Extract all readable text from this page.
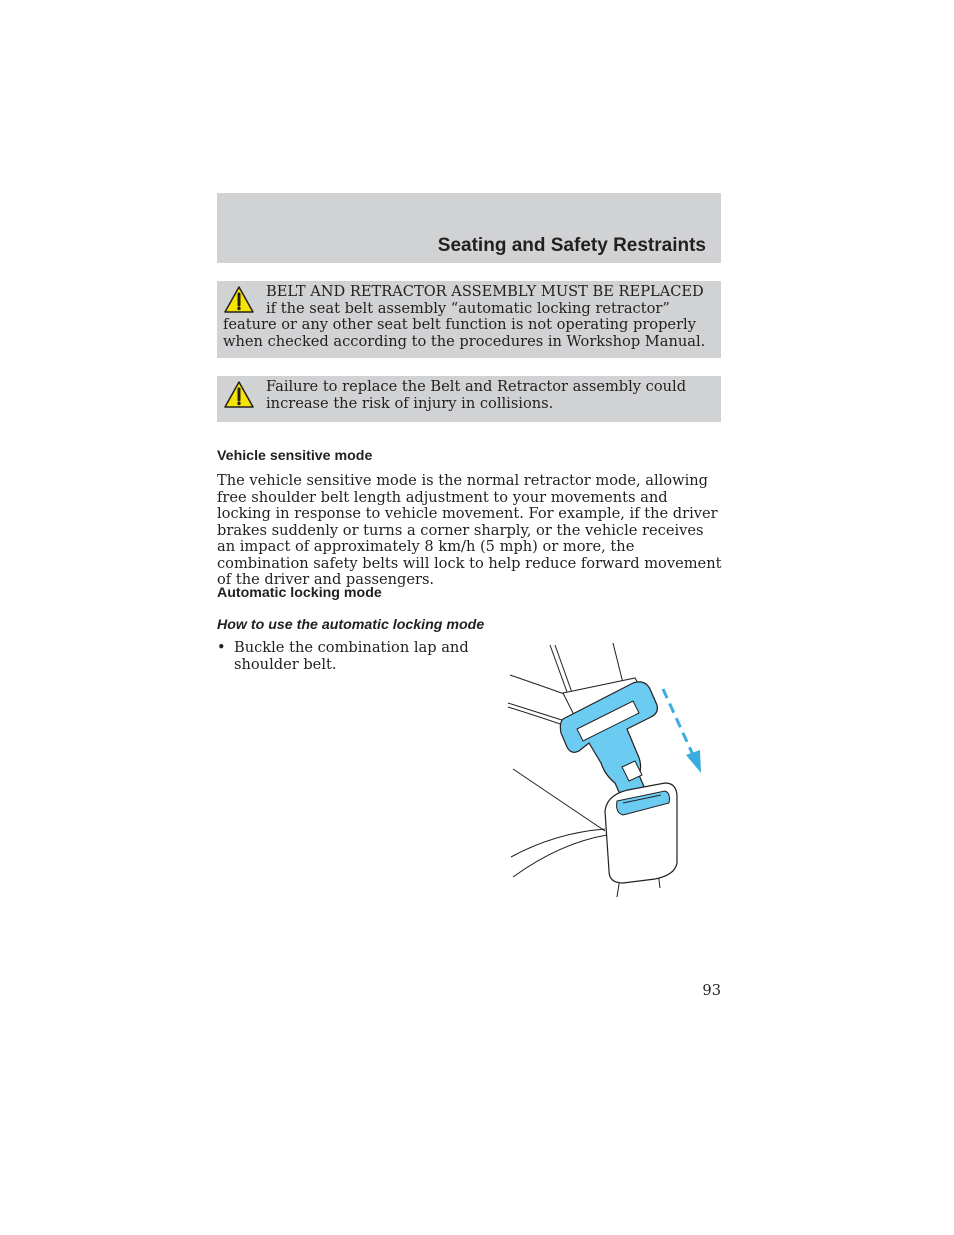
Seating and Safety Restraints

BELT AND RETRACTOR ASSEMBLY MUST BE REPLACED if the seat belt assembly “automatic locking retractor” feature or any other seat belt function is not operating properly when checked according to the procedures in Workshop Manual.

Failure to replace the Belt and Retractor assembly could increase the risk of injury in collisions.

Vehicle sensitive mode

The vehicle sensitive mode is the normal retractor mode, allowing free shoulder belt length adjustment to your movements and locking in response to vehicle movement. For example, if the driver brakes suddenly or turns a corner sharply, or the vehicle receives an impact of approximately 8 km/h (5 mph) or more, the combination safety belts will lock to help reduce forward movement of the driver and passengers.

Automatic locking mode
How to use the automatic locking mode

• Buckle the combination lap and shoulder belt.

93
